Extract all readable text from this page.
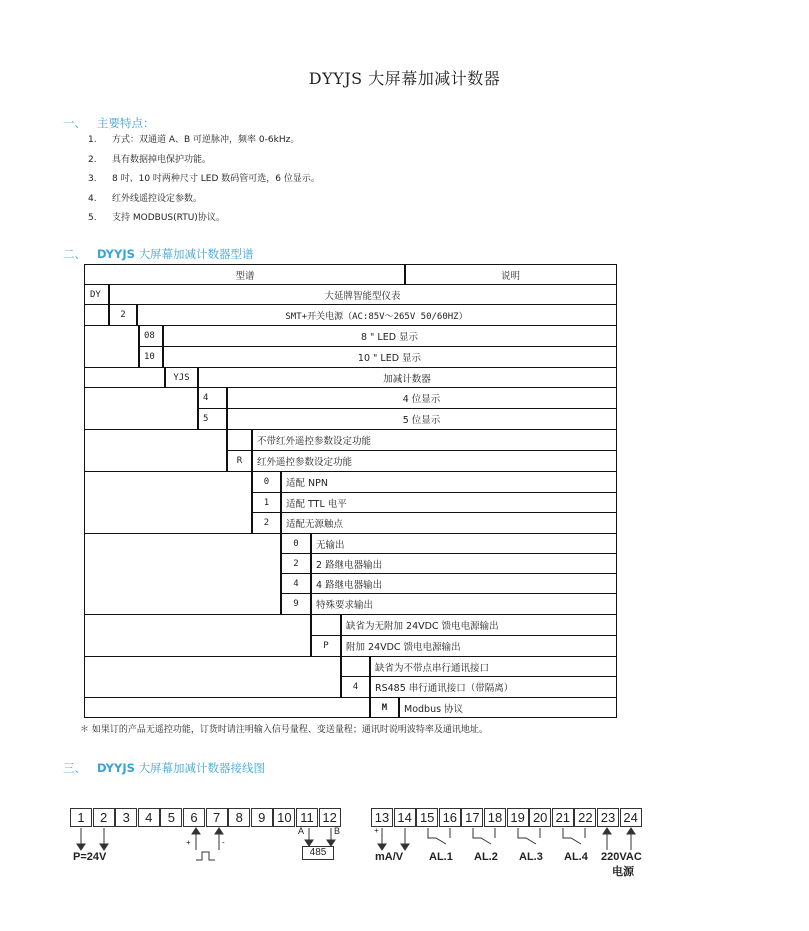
DYYJS 大屏幕加减计数器
一、 主要特点：
1. 方式：双通道 A、B 可逆脉冲，频率 0-6kHz。
2. 具有数据掉电保护功能。
3. 8 吋、10 吋两种尺寸 LED 数码管可选，6 位显示。
4. 红外线遥控设定参数。
5. 支持 MODBUS(RTU)协议。
二、 DYYJS 大屏幕加减计数器型谱
型谱	说明
DY	大延牌智能型仪表
2	SMT+开关电源（AC:85V～265V 50/60HZ）
08	8 " LED 显示
10	10 " LED 显示
YJS	加减计数器
4	4 位显示
5	5 位显示
不带红外遥控参数设定功能
R	红外遥控参数设定功能
0	适配 NPN
1	适配 TTL 电平
2	适配无源触点
0	无输出
2	2 路继电器输出
4	4 路继电器输出
9	特殊要求输出
缺省为无附加 24VDC 馈电电源输出
P	附加 24VDC 馈电电源输出
缺省为不带点串行通讯接口
4	RS485 串行通讯接口（带隔离）
M	Modbus 协议
＊ 如果订的产品无遥控功能，订货时请注明输入信号量程、变送量程；通讯时说明波特率及通讯地址。
三、 DYYJS 大屏幕加减计数器接线图
1	2	3	4	5	6	7	8	9 10 11 12	13 14 15 16 17 18 19 20 21 22 23 24
+	-
A	B
485
P=24V
+
mA/V AL.1 AL.2 AL.3 AL.4 220VAC
电源
